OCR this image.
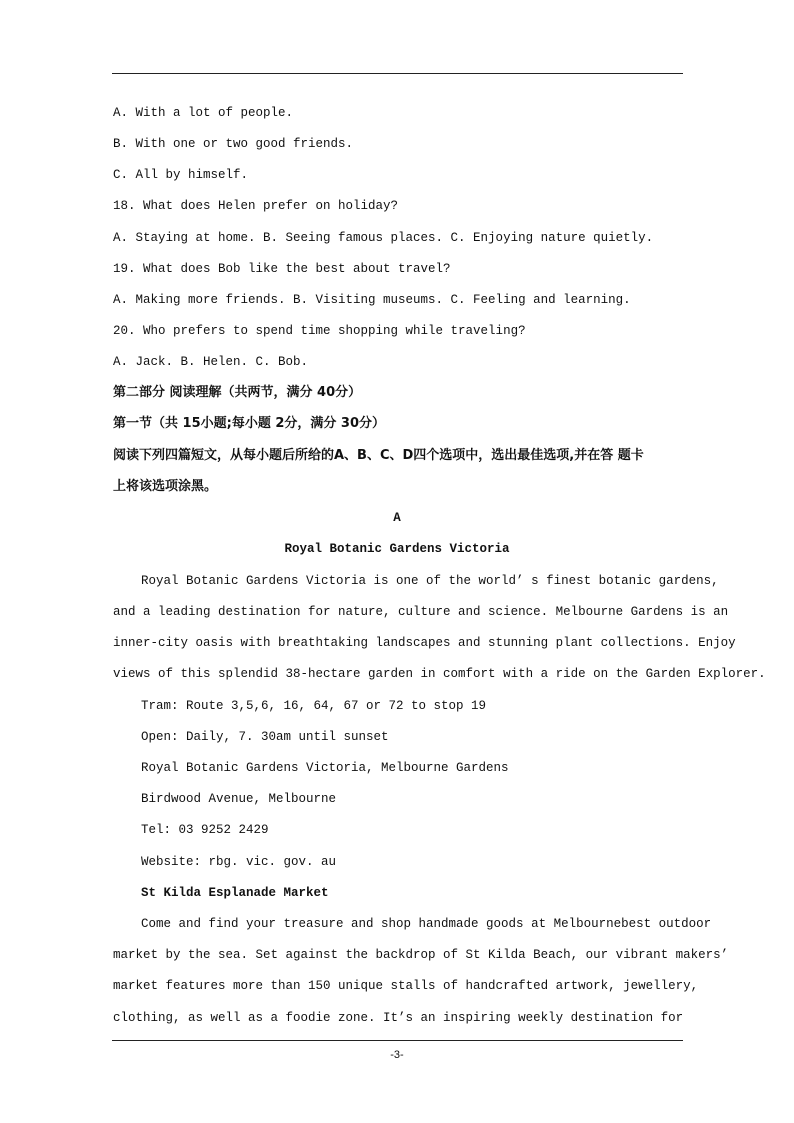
A. With a lot of people.
B. With one or two good friends.
C. All by himself.
18. What does Helen prefer on holiday?
A. Staying at home. B. Seeing famous places. C. Enjoying nature quietly.
19. What does Bob like the best about travel?
A. Making more friends. B. Visiting museums. C. Feeling and learning.
20. Who prefers to spend time shopping while traveling?
A. Jack. B. Helen. C. Bob.
第二部分 阅读理解（共两节，满分 40分）
第一节（共 15小题;每小题 2分，满分 30分）
阅读下列四篇短文，从每小题后所给的A、B、C、D四个选项中，选出最佳选项,并在答 题卡
上将该选项涂黑。
A
Royal Botanic Gardens Victoria
Royal Botanic Gardens Victoria is one of the world’ s finest botanic gardens,
and a leading destination for nature, culture and science. Melbourne Gardens is an
inner-city oasis with breathtaking landscapes and stunning plant collections. Enjoy
views of this splendid 38-hectare garden in comfort with a ride on the Garden Explorer.
Tram: Route 3,5,6, 16, 64, 67 or 72 to stop 19
Open: Daily, 7. 30am until sunset
Royal Botanic Gardens Victoria, Melbourne Gardens
Birdwood Avenue, Melbourne
Tel: 03 9252 2429
Website: rbg. vic. gov. au
St Kilda Esplanade Market
Come and find your treasure and shop handmade goods at Melbournebest outdoor
market by the sea. Set against the backdrop of St Kilda Beach, our vibrant makers’
market features more than 150 unique stalls of handcrafted artwork, jewellery,
clothing, as well as a foodie zone. It’s an inspiring weekly destination for
-3-
